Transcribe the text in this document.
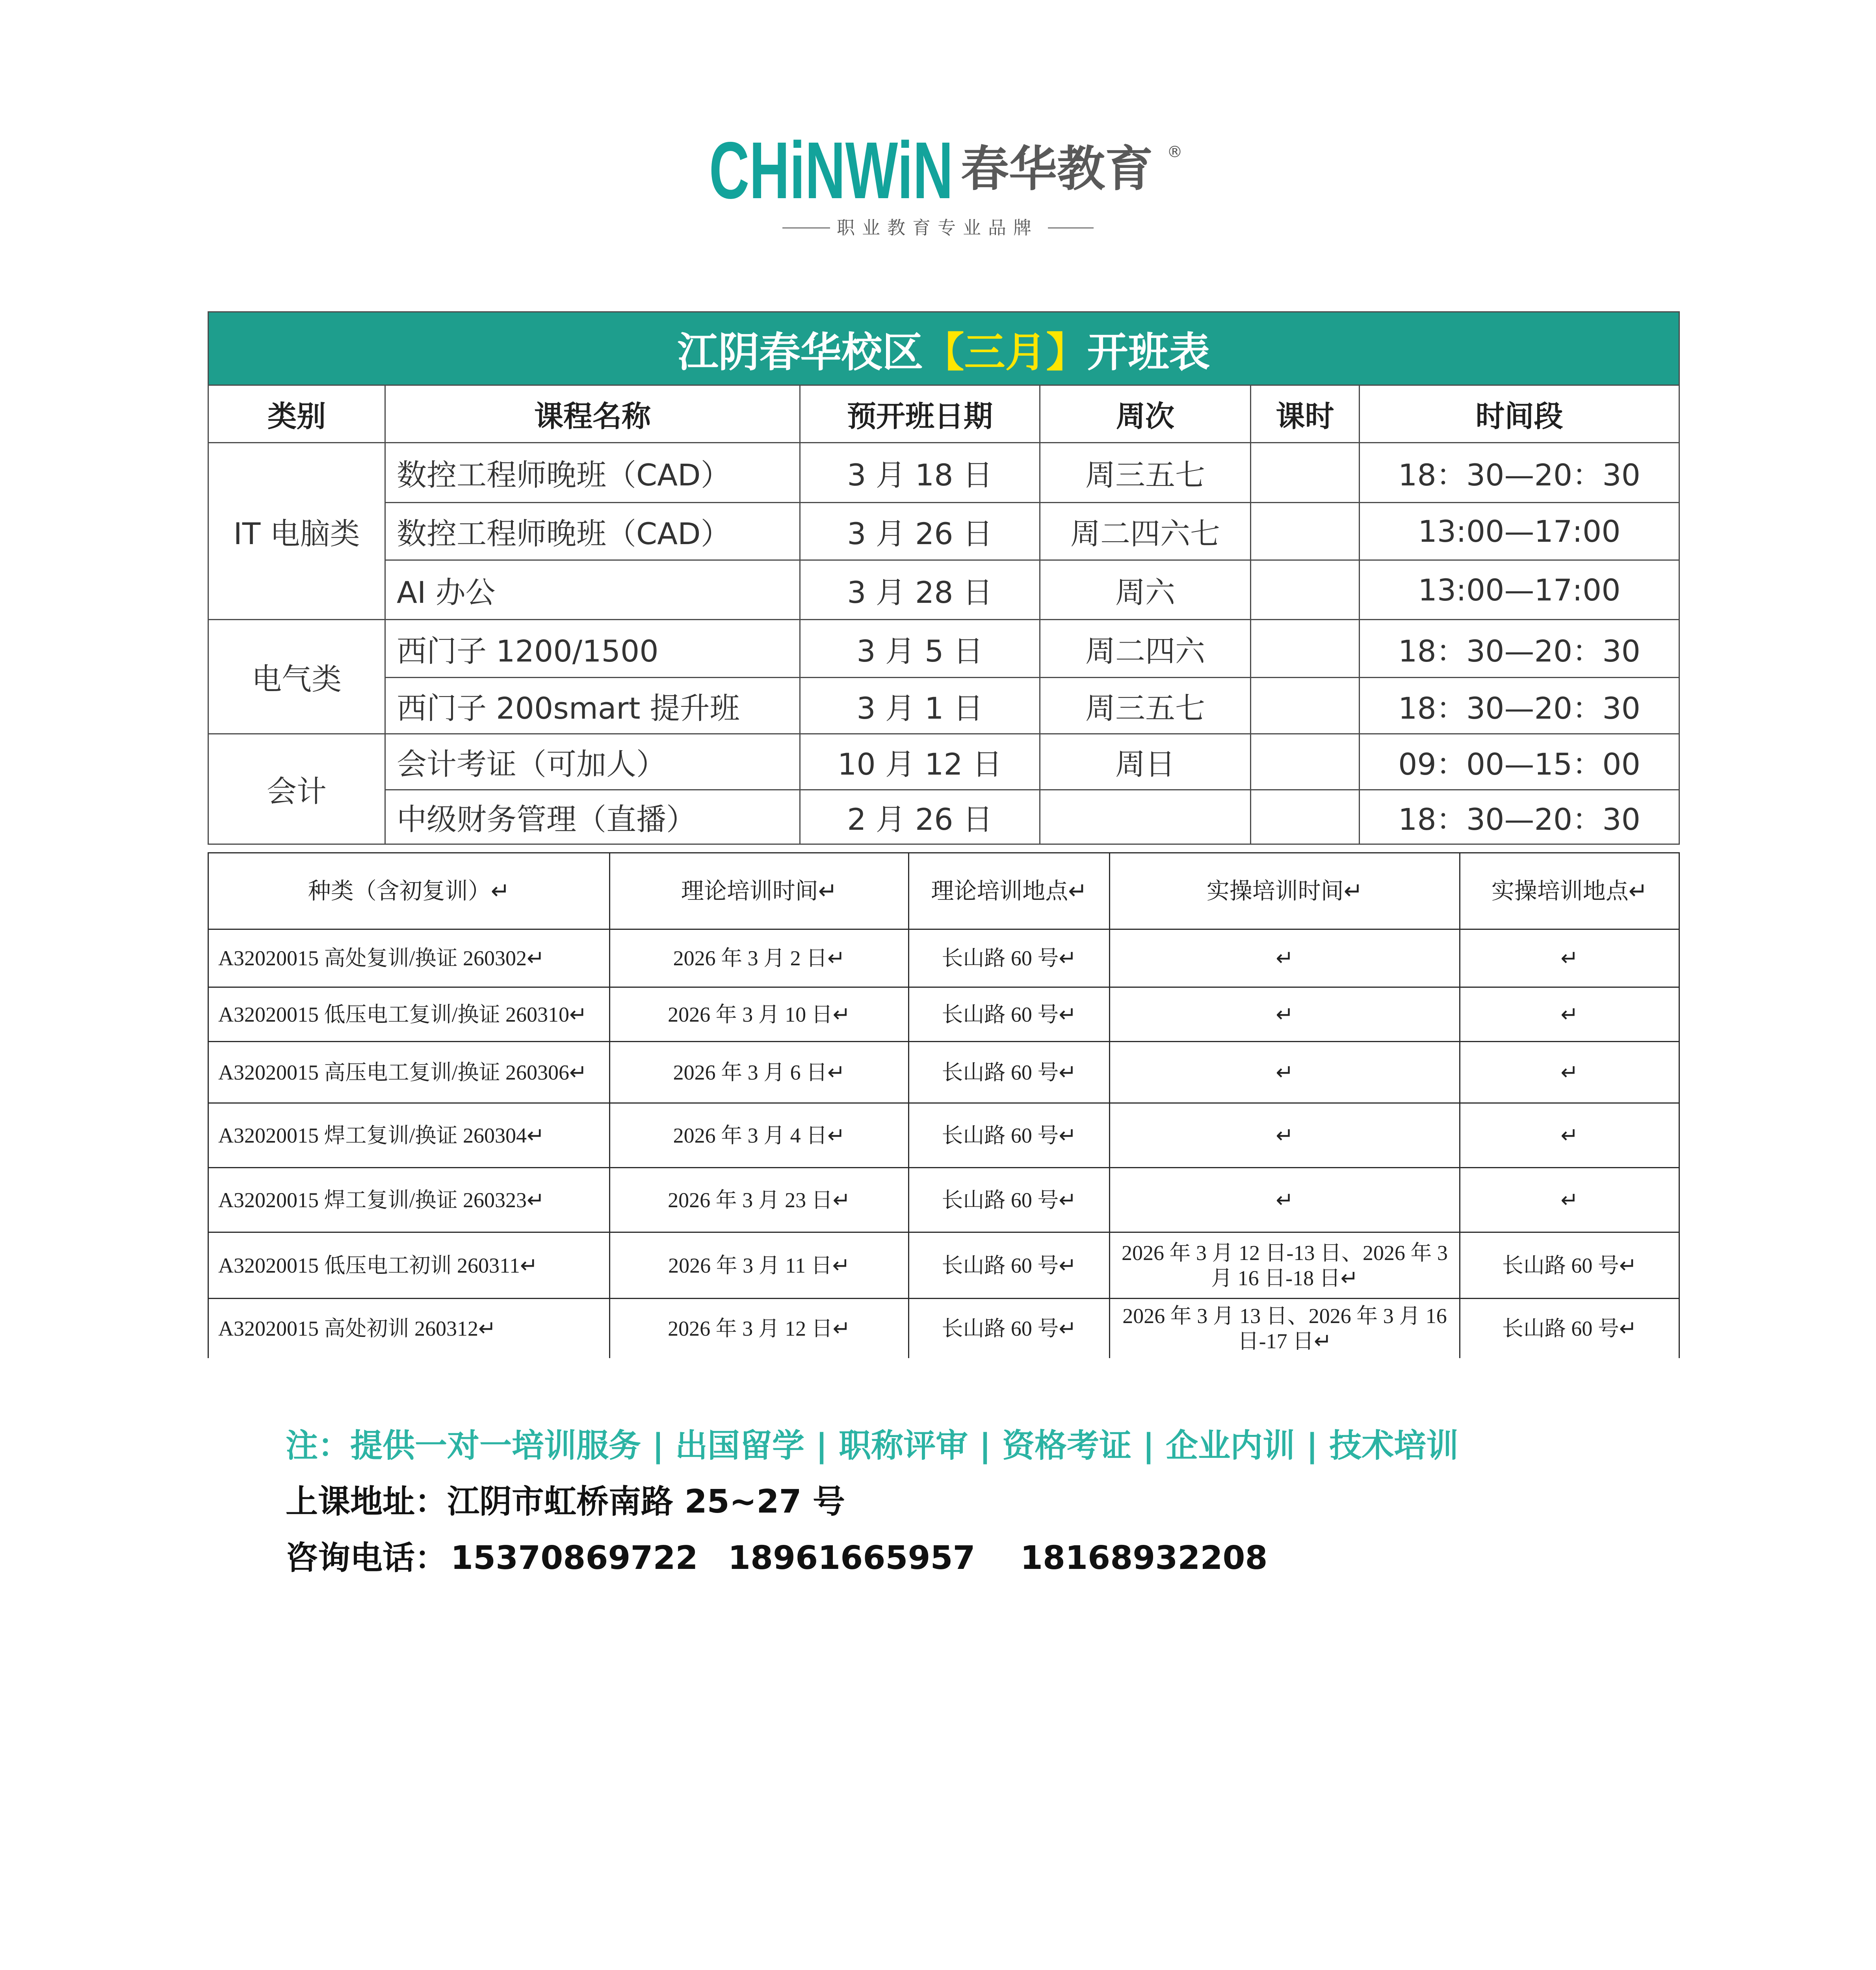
CHiNWiN 春华教育 ®
职业教育专业品牌
江阴春华校区【三月】开班表					
类别	课程名称	预开班日期	周次	课时	时间段
IT 电脑类	数控工程师晚班（CAD）	3 月 18 日	周三五七		18：30—20：30
	数控工程师晚班（CAD）	3 月 26 日	周二四六七		13:00—17:00
	AI 办公	3 月 28 日	周六		13:00—17:00
电气类	西门子 1200/1500	3 月 5 日	周二四六		18：30—20：30
	西门子 200smart 提升班	3 月 1 日	周三五七		18：30—20：30
会计	会计考证（可加人）	10 月 12 日	周日		09：00—15：00
	中级财务管理（直播）	2 月 26 日			18：30—20：30
种类（含初复训）↵	理论培训时间↵	理论培训地点↵	实操培训时间↵	实操培训地点↵
A32020015 高处复训/换证 260302↵	2026 年 3 月 2 日↵	长山路 60 号↵	↵	↵
A32020015 低压电工复训/换证 260310↵	2026 年 3 月 10 日↵	长山路 60 号↵	↵	↵
A32020015 高压电工复训/换证 260306↵	2026 年 3 月 6 日↵	长山路 60 号↵	↵	↵
A32020015 焊工复训/换证 260304↵	2026 年 3 月 4 日↵	长山路 60 号↵	↵	↵
A32020015 焊工复训/换证 260323↵	2026 年 3 月 23 日↵	长山路 60 号↵	↵	↵
A32020015 低压电工初训 260311↵	2026 年 3 月 11 日↵	长山路 60 号↵	2026 年 3 月 12 日-13 日、2026 年 3 月 16 日-18 日↵	长山路 60 号↵
A32020015 高处初训 260312↵	2026 年 3 月 12 日↵	长山路 60 号↵	2026 年 3 月 13 日、2026 年 3 月 16 日-17 日↵	长山路 60 号↵
注：提供一对一培训服务 | 出国留学 | 职称评审 | 资格考证 | 企业内训 | 技术培训
上课地址：江阴市虹桥南路 25~27 号
咨询电话： 15370869722 18961665957 18168932208
